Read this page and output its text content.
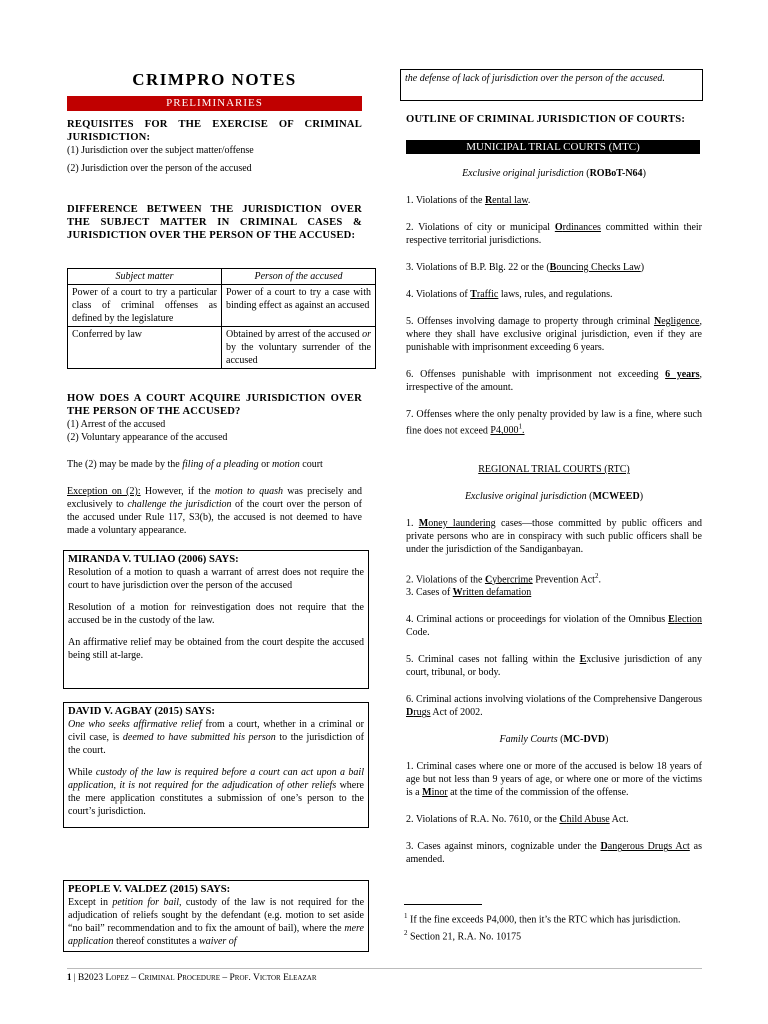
CRIMPRO NOTES
PRELIMINARIES

REQUISITES FOR THE EXERCISE OF CRIMINAL JURISDICTION:

(1) Jurisdiction over the subject matter/offense

(2) Jurisdiction over the person of the accused

DIFFERENCE BETWEEN THE JURISDICTION OVER THE SUBJECT MATTER IN CRIMINAL CASES & JURISDICTION OVER THE PERSON OF THE ACCUSED:

Subject matter	Person of the accused
Power of a court to try a particular class of criminal offenses as defined by the legislature	Power of a court to try a case with binding effect as against an accused
Conferred by law	Obtained by arrest of the accused or by the voluntary surrender of the accused

HOW DOES A COURT ACQUIRE JURISDICTION OVER THE PERSON OF THE ACCUSED?

(1) Arrest of the accused

(2) Voluntary appearance of the accused

The (2) may be made by the filing of a pleading or motion court

Exception on (2): However, if the motion to quash was precisely and exclusively to challenge the jurisdiction of the court over the person of the accused under Rule 117, S3(b), the accused is not deemed to have made a voluntary appearance.

MIRANDA V. TULIAO (2006) SAYS:

Resolution of a motion to quash a warrant of arrest does not require the court to have jurisdiction over the person of the accused

Resolution of a motion for reinvestigation does not require that the accused be in the custody of the law.

An affirmative relief may be obtained from the court despite the accused being still at-large.

DAVID V. AGBAY (2015) SAYS:

One who seeks affirmative relief from a court, whether in a criminal or civil case, is deemed to have submitted his person to the jurisdiction of the court.

While custody of the law is required before a court can act upon a bail application, it is not required for the adjudication of other reliefs where the mere application constitutes a submission of one’s person to the court’s jurisdiction.

PEOPLE V. VALDEZ (2015) SAYS:

Except in petition for bail, custody of the law is not required for the adjudication of reliefs sought by the defendant (e.g. motion to set aside “no bail” recommendation and to fix the amount of bail), where the mere application thereof constitutes a waiver of

the defense of lack of jurisdiction over the person of the accused.

OUTLINE OF CRIMINAL JURISDICTION OF COURTS:

MUNICIPAL TRIAL COURTS (MTC)

Exclusive original jurisdiction (ROBoT-N64)

1. Violations of the Rental law.

2. Violations of city or municipal Ordinances committed within their respective territorial jurisdictions.

3. Violations of B.P. Blg. 22 or the (Bouncing Checks Law)

4. Violations of Traffic laws, rules, and regulations.

5. Offenses involving damage to property through criminal Negligence, where they shall have exclusive original jurisdiction, even if they are punishable with imprisonment exceeding 6 years.

6. Offenses punishable with imprisonment not exceeding 6 years, irrespective of the amount.

7. Offenses where the only penalty provided by law is a fine, where such fine does not exceed P4,000$^1$.

REGIONAL TRIAL COURTS (RTC)

Exclusive original jurisdiction (MCWEED)

1. Money laundering cases—those committed by public officers and private persons who are in conspiracy with such public officers shall be under the jurisdiction of the Sandiganbayan.

2. Violations of the Cybercrime Prevention Act$^2$.

3. Cases of Written defamation

4. Criminal actions or proceedings for violation of the Omnibus Election Code.

5. Criminal cases not falling within the Exclusive jurisdiction of any court, tribunal, or body.

6. Criminal actions involving violations of the Comprehensive Dangerous Drugs Act of 2002.

Family Courts (MC-DVD)

1. Criminal cases where one or more of the accused is below 18 years of age but not less than 9 years of age, or where one or more of the victims is a Minor at the time of the commission of the offense.

2. Violations of R.A. No. 7610, or the Child Abuse Act.

3. Cases against minors, cognizable under the Dangerous Drugs Act as amended.

$^1$ If the fine exceeds P4,000, then it’s the RTC which has jurisdiction.

$^2$ Section 21, R.A. No. 10175

1 | B2023 Lopez – Criminal Procedure – Prof. Victor Eleazar
